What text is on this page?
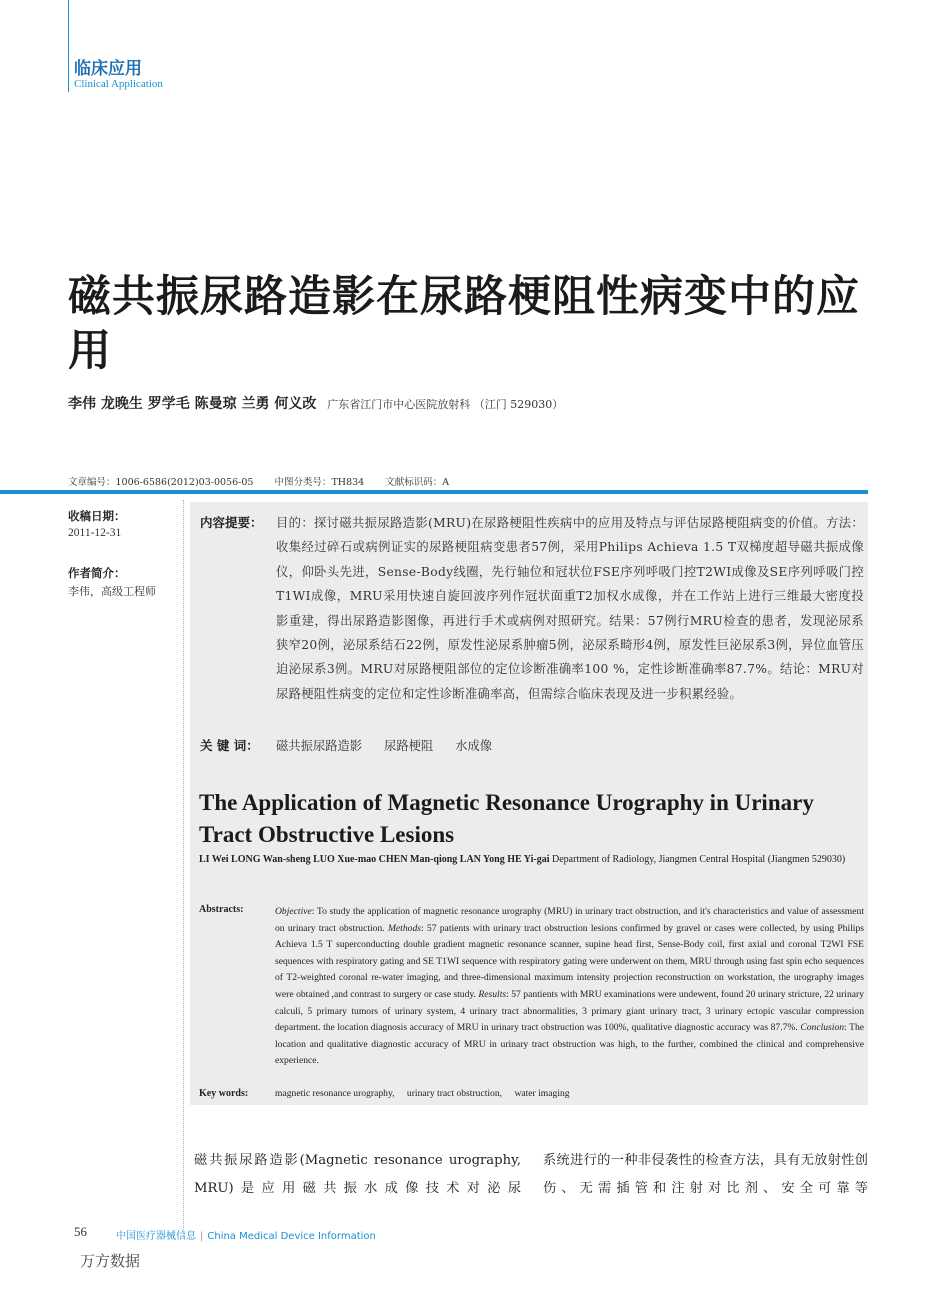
临床应用
Clinical Application
磁共振尿路造影在尿路梗阻性病变中的应用
李伟 龙晚生 罗学毛 陈曼琼 兰勇 何义改 广东省江门市中心医院放射科 （江门 529030）
文章编号：1006-6586(2012)03-0056-05 中图分类号：TH834 文献标识码：A
收稿日期：
2011-12-31
作者简介：
李伟，高级工程师
内容提要： 目的：探讨磁共振尿路造影(MRU)在尿路梗阻性疾病中的应用及特点与评估尿路梗阻病变的价值。方法：收集经过碎石或病例证实的尿路梗阻病变患者57例，采用Philips Achieva 1.5 T双梯度超导磁共振成像仪，仰卧头先进，Sense-Body线圈，先行轴位和冠状位FSE序列呼吸门控T2WI成像及SE序列呼吸门控T1WI成像，MRU采用快速自旋回波序列作冠状面重T2加权水成像，并在工作站上进行三维最大密度投影重建，得出尿路造影图像，再进行手术或病例对照研究。结果：57例行MRU检查的患者，发现泌尿系狭窄20例，泌尿系结石22例，原发性泌尿系肿瘤5例，泌尿系畸形4例，原发性巨泌尿系3例，异位血管压迫泌尿系3例。MRU对尿路梗阻部位的定位诊断准确率100 %，定性诊断准确率87.7%。结论：MRU对尿路梗阻性病变的定位和定性诊断准确率高，但需综合临床表现及进一步积累经验。
关 键 词： 磁共振尿路造影 尿路梗阻 水成像
The Application of Magnetic Resonance Urography in Urinary Tract Obstructive Lesions
LI Wei LONG Wan-sheng LUO Xue-mao CHEN Man-qiong LAN Yong HE Yi-gai Department of Radiology, Jiangmen Central Hospital (Jiangmen 529030)
Abstracts:	Objective: To study the application of magnetic resonance urography (MRU) in urinary tract obstruction, and it's characteristics and value of assessment on urinary tract obstruction. Methods: 57 patients with urinary tract obstruction lesions confirmed by gravel or cases were collected, by using Philips Achieva 1.5 T superconducting double gradient magnetic resonance scanner, supine head first, Sense-Body coil, first axial and coronal T2WI FSE sequences with respiratory gating and SE T1WI sequence with respiratory gating were underwent on them, MRU through using fast spin echo sequences of T2-weighted coronal re-water imaging, and three-dimensional maximum intensity projection reconstruction on workstation, the urography images were obtained ,and contrast to surgery or case study. Results: 57 pantients with MRU examinations were undewent, found 20 urinary stricture, 22 urinary calculi, 5 primary tumors of urinary system, 4 urinary tract abnormalities, 3 primary giant urinary tract, 3 urinary ectopic vascular compression department. the location diagnosis accuracy of MRU in urinary tract obstruction was 100%, qualitative diagnostic accuracy was 87.7%. Conclusion: The location and qualitative diagnostic accuracy of MRU in urinary tract obstruction was high, to the further, combined the clinical and comprehensive experience.
Key words:	magnetic resonance urography, urinary tract obstruction, water imaging
磁共振尿路造影(Magnetic resonance urography, MRU)是应用磁共振水成像技术对泌尿
系统进行的一种非侵袭性的检查方法，具有无放射性创伤、无需插管和注射对比剂、安全可靠等
56	中国医疗器械信息 | China Medical Device Information
万方数据
